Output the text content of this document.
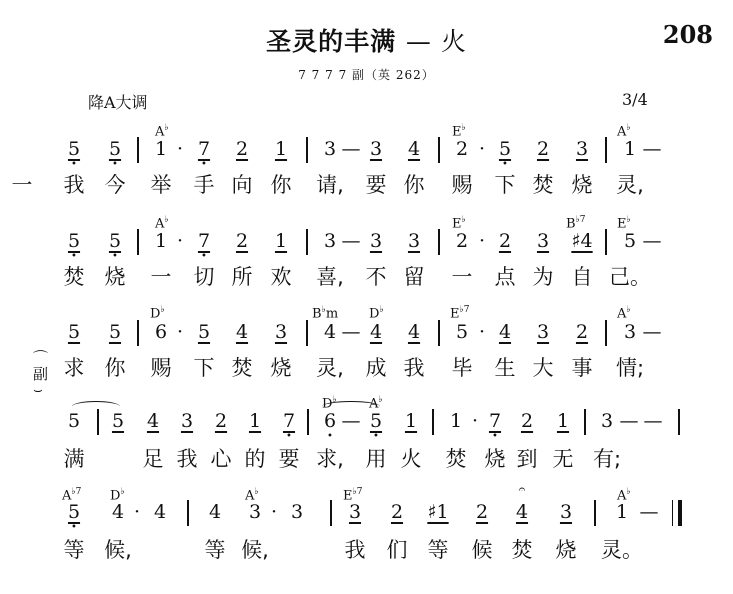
圣灵的丰满 — 火	208
7 7 7 7 副（英 262）
降A大调	3/4
⌒
副
⌣
A♭	E♭	A♭
5
•
5
•
1 · 7
•
2 1 3 — 3 4 2 · 5
•
2 3 1 —
一 我 今 举 手 向 你 请, 要 你 赐 下 焚 烧 灵,
A♭	E♭	$B^{♭7}$ E♭
5
•
5
•
1 · 7
•
2 1 3 — 3 3 2 · 2 3 ♯4 5 —
焚 烧 一 切 所 欢 喜, 不 留 一 点 为 自 己。
D♭	B♭m D♭	$E^{♭7}$	A♭
5 5 6 · 5 4 3 4 — 4 4 5 · 4 3 2 3 —
求 你 赐 下 焚 烧 灵, 成 我 毕 生 大 事 情;
D♭ A♭
5 5 4 3 2 1 7
•
6
•
— 5
•
1 1 · 7
•
2 1 3 — —
满	足 我 心 的 要 求, 用 火 焚 烧 到 无 有;
$A^{♭7}$ D♭	A♭	$E^{♭7}$	A♭
5
•
4 · 4 4 3 · 3 3 2 ♯1 2 4
𝄐
3 1 —
等 候,	等 候,	我 们 等 候 焚 烧 灵。
